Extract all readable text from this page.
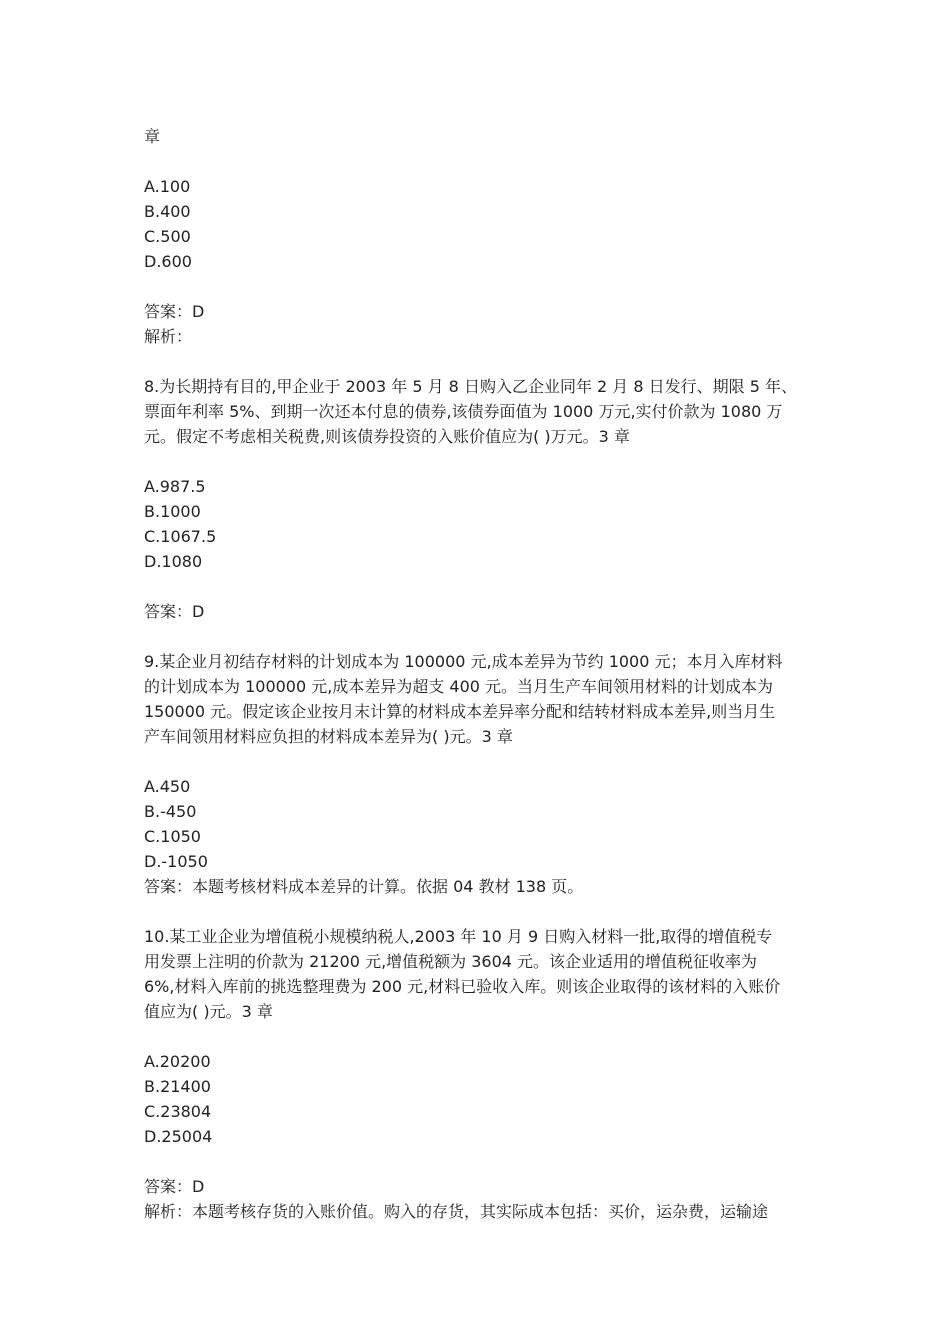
章
A.100
B.400
C.500
D.600
答案：D
解析：
8.为长期持有目的,甲企业于 2003 年 5 月 8 日购入乙企业同年 2 月 8 日发行、期限 5 年、
票面年利率 5%、到期一次还本付息的债券,该债券面值为 1000 万元,实付价款为 1080 万
元。假定不考虑相关税费,则该债券投资的入账价值应为( )万元。3 章
A.987.5
B.1000
C.1067.5
D.1080
答案：D
9.某企业月初结存材料的计划成本为 100000 元,成本差异为节约 1000 元；本月入库材料
的计划成本为 100000 元,成本差异为超支 400 元。当月生产车间领用材料的计划成本为
150000 元。假定该企业按月末计算的材料成本差异率分配和结转材料成本差异,则当月生
产车间领用材料应负担的材料成本差异为( )元。3 章
A.450
B.-450
C.1050
D.-1050
答案：本题考核材料成本差异的计算。依据 04 教材 138 页。
10.某工业企业为增值税小规模纳税人,2003 年 10 月 9 日购入材料一批,取得的增值税专
用发票上注明的价款为 21200 元,增值税额为 3604 元。该企业适用的增值税征收率为
6%,材料入库前的挑选整理费为 200 元,材料已验收入库。则该企业取得的该材料的入账价
值应为( )元。3 章
A.20200
B.21400
C.23804
D.25004
答案：D
解析：本题考核存货的入账价值。购入的存货，其实际成本包括：买价，运杂费，运输途
